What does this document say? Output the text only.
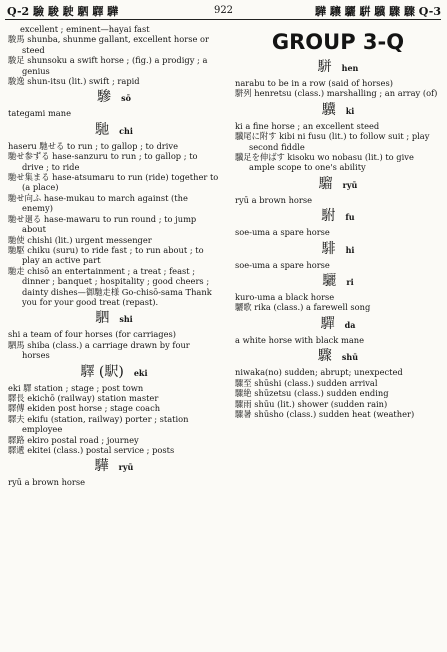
Q-2 驗 駿 駛 駟 驛 驊	922	驊 驤 驪 騈 驥 驟 驟 Q-3
excellent ; eminent—hayai fast
駿馬 shunba, shunme gallant, excellent horse or steed
駿足 shunsoku a swift horse ; (fig.) a prodigy ; a genius
駿逸 shun-itsu (lit.) swift ; rapid
驂 sō
tategami mane
馳 chi
haseru 馳せる to run ; to gallop ; to drive
馳せ参ずる hase-sanzuru to run ; to gallop ; to drive ; to ride
馳せ集まる hase-atsumaru to run (ride) together to (a place)
馳せ向ふ hase-mukau to march against (the enemy)
馳せ廻る hase-mawaru to run round ; to jump about
馳使 chishi (lit.) urgent messenger
馳駆 chiku (suru) to ride fast ; to run about ; to play an active part
馳走 chisō an entertainment ; a treat ; feast ; dinner ; banquet ; hospitality ; good cheers ; dainty dishes—御馳走様 Go-chisō-sama Thank you for your good treat (repast).
駟 shi
shi a team of four horses (for carriages)
駟馬 shiba (class.) a carriage drawn by four horses
驛 (駅) eki
eki 驛 station ; stage ; post town
驛長 ekichō (railway) station master
驛傳 ekiden post horse ; stage coach
驛夫 ekifu (station, railway) porter ; station employee
驛路 ekiro postal road ; journey
驛遞 ekitei (class.) postal service ; posts
驊 ryū
ryū a brown horse
GROUP 3-Q
駢 hen
narabu to be in a row (said of horses)
駢列 henretsu (class.) marshalling ; an array (of)
驥 ki
ki a fine horse ; an excellent steed
驥尾に附す kibi ni fusu (lit.) to follow suit ; play second fiddle
驥足を伸ばす kisoku wo nobasu (lit.) to give ample scope to one's ability
騮 ryū
ryū a brown horse
駙 fu
soe-uma a spare horse
騑 hi
soe-uma a spare horse
驪 ri
kuro-uma a black horse
驪歌 rika (class.) a farewell song
驒 da
a white horse with black mane
驟 shū
niwaka(no) sudden; abrupt; unexpected
驟至 shūshi (class.) sudden arrival
驟絶 shūzetsu (class.) sudden ending
驟雨 shūu (lit.) shower (sudden rain)
驟暑 shūsho (class.) sudden heat (weather)
